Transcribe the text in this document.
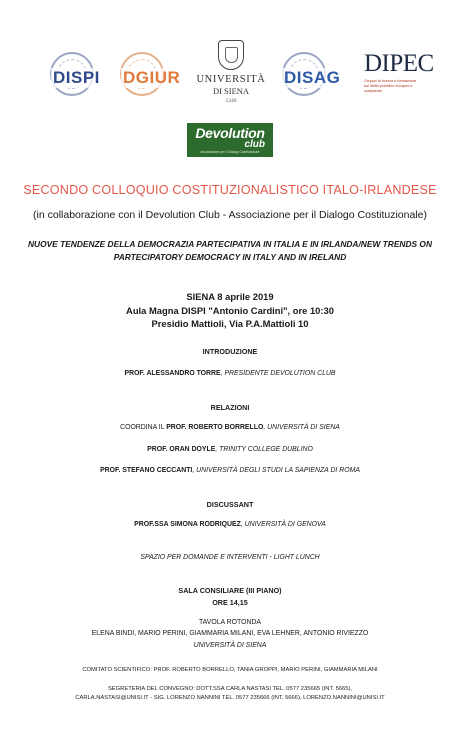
DISPI DGIUR UNIVERSITÀ
DI SIENA
1240
DISAG
DIPEC
Gruppo di ricerca e formazione sul diritto pubblico europeo e comparato
Devolution
club
Associazione per il Dialogo Costituzionale
SECONDO COLLOQUIO COSTITUZIONALISTICO ITALO-IRLANDESE
(in collaborazione con il Devolution Club - Associazione per il Dialogo Costituzionale)
NUOVE TENDENZE DELLA DEMOCRAZIA PARTECIPATIVA IN ITALIA E IN IRLANDA/NEW TRENDS ON PARTECIPATORY DEMOCRACY IN ITALY AND IN IRELAND
SIENA 8 aprile 2019
Aula Magna DISPI "Antonio Cardini", ore 10:30
Presidio Mattioli, Via P.A.Mattioli 10
INTRODUZIONE
PROF. ALESSANDRO TORRE, PRESIDENTE DEVOLUTION CLUB
RELAZIONI
COORDINA IL PROF. ROBERTO BORRELLO, UNIVERSITÀ DI SIENA
PROF. ORAN DOYLE, TRINITY COLLEGE DUBLINO
PROF. STEFANO CECCANTI, UNIVERSITÀ DEGLI STUDI LA SAPIENZA DI ROMA
DISCUSSANT
PROF.SSA SIMONA RODRIQUEZ, UNIVERSITÀ DI GENOVA
SPAZIO PER DOMANDE E INTERVENTI - LIGHT LUNCH
SALA CONSILIARE (III PIANO)
ORE 14,15
TAVOLA ROTONDA
ELENA BINDI, MARIO PERINI, GIAMMARIA MILANI, EVA LEHNER, ANTONIO RIVIEZZO
UNIVERSITÀ DI SIENA
COMITATO SCIENTIFICO: PROF. ROBERTO BORRELLO, TANIA GROPPI, MARIO PERINI, GIAMMARIA MILANI
SEGRETERIA DEL CONVEGNO: DOTT.SSA CARLA NASTASI TEL. 0577 235665 (INT. 5665),
CARLA.NASTASI@UNISI.IT - SIG. LORENZO NANNINI TEL. 0577 235666 (INT. 5666), LORENZO.NANNINI@UNISI.IT
